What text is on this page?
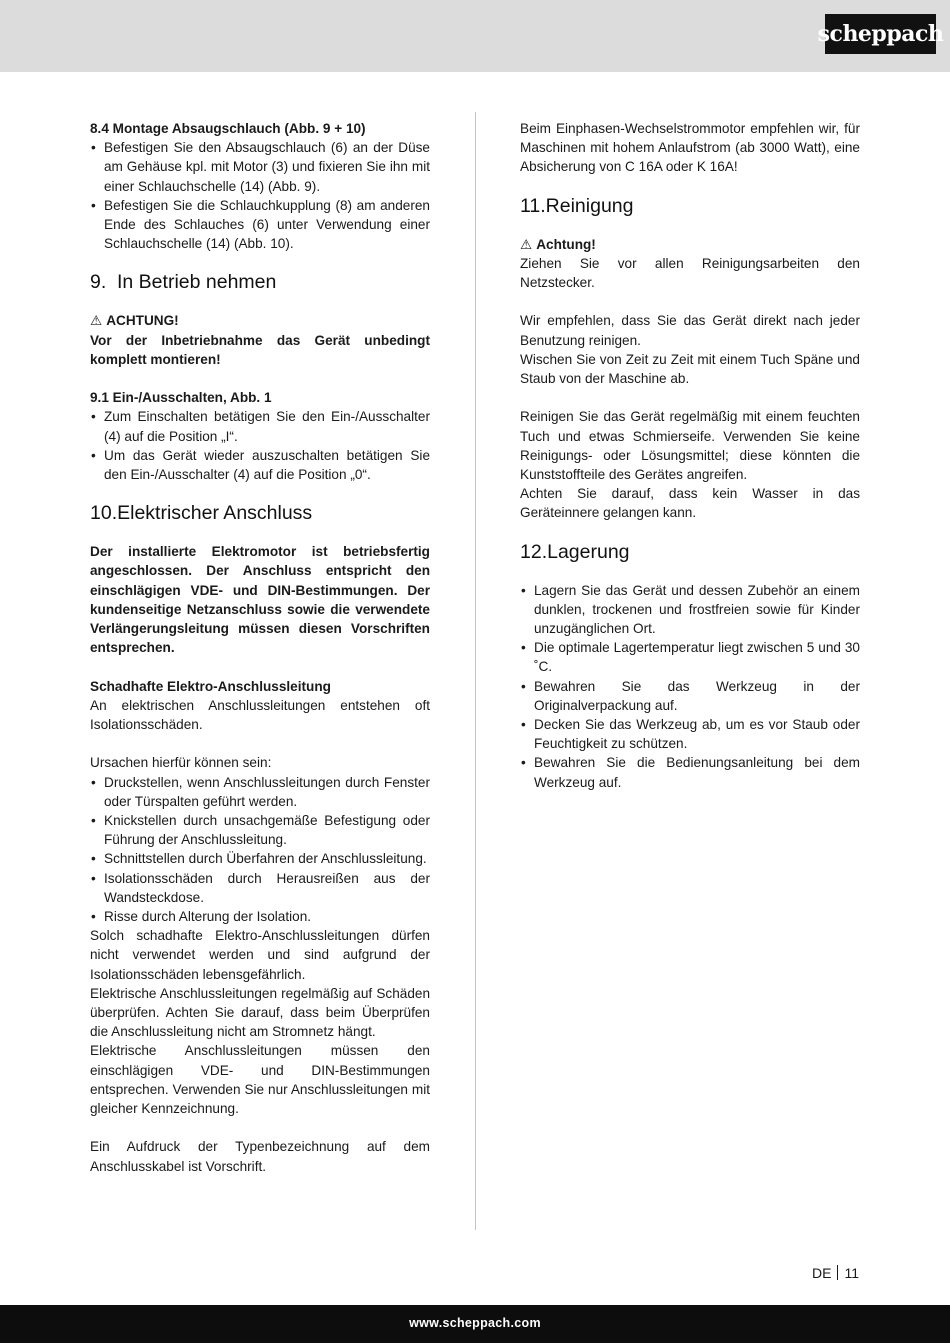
scheppach

8.4 Montage Absaugschlauch (Abb. 9 + 10)

• Befestigen Sie den Absaugschlauch (6) an der Düse am Gehäuse kpl. mit Motor (3) und fixieren Sie ihn mit einer Schlauchschelle (14) (Abb. 9).
• Befestigen Sie die Schlauchkupplung (8) am anderen Ende des Schlauches (6) unter Verwendung einer Schlauchschelle (14) (Abb. 10).
9. In Betrieb nehmen

⚠ ACHTUNG!

Vor der Inbetriebnahme das Gerät unbedingt komplett montieren!

9.1 Ein-/Ausschalten, Abb. 1

• Zum Einschalten betätigen Sie den Ein-/Ausschalter (4) auf die Position „I“.
• Um das Gerät wieder auszuschalten betätigen Sie den Ein-/Ausschalter (4) auf die Position „0“.
10.Elektrischer Anschluss

Der installierte Elektromotor ist betriebsfertig angeschlossen. Der Anschluss entspricht den einschlägigen VDE- und DIN-Bestimmungen. Der kundenseitige Netzanschluss sowie die verwendete Verlängerungsleitung müssen diesen Vorschriften entsprechen.

Schadhafte Elektro-Anschlussleitung

An elektrischen Anschlussleitungen entstehen oft Isolationsschäden.

Ursachen hierfür können sein:

• Druckstellen, wenn Anschlussleitungen durch Fenster oder Türspalten geführt werden.
• Knickstellen durch unsachgemäße Befestigung oder Führung der Anschlussleitung.
• Schnittstellen durch Überfahren der Anschlussleitung.
• Isolationsschäden durch Herausreißen aus der Wandsteckdose.
• Risse durch Alterung der Isolation.

Solch schadhafte Elektro-Anschlussleitungen dürfen nicht verwendet werden und sind aufgrund der Isolationsschäden lebensgefährlich.

Elektrische Anschlussleitungen regelmäßig auf Schäden überprüfen. Achten Sie darauf, dass beim Überprüfen die Anschlussleitung nicht am Stromnetz hängt.

Elektrische Anschlussleitungen müssen den einschlägigen VDE- und DIN-Bestimmungen entsprechen. Verwenden Sie nur Anschlussleitungen mit gleicher Kennzeichnung.

Ein Aufdruck der Typenbezeichnung auf dem Anschlusskabel ist Vorschrift.

Beim Einphasen-Wechselstrommotor empfehlen wir, für Maschinen mit hohem Anlaufstrom (ab 3000 Watt), eine Absicherung von C 16A oder K 16A!

11.Reinigung

⚠ Achtung!

Ziehen Sie vor allen Reinigungsarbeiten den Netzstecker.

Wir empfehlen, dass Sie das Gerät direkt nach jeder Benutzung reinigen.

Wischen Sie von Zeit zu Zeit mit einem Tuch Späne und Staub von der Maschine ab.

Reinigen Sie das Gerät regelmäßig mit einem feuchten Tuch und etwas Schmierseife. Verwenden Sie keine Reinigungs- oder Lösungsmittel; diese könnten die Kunststoffteile des Gerätes angreifen.

Achten Sie darauf, dass kein Wasser in das Geräteinnere gelangen kann.

12.Lagerung
• Lagern Sie das Gerät und dessen Zubehör an einem dunklen, trockenen und frostfreien sowie für Kinder unzugänglichen Ort.
• Die optimale Lagertemperatur liegt zwischen 5 und 30 ˚C.
• Bewahren Sie das Werkzeug in der Originalverpackung auf.
• Decken Sie das Werkzeug ab, um es vor Staub oder Feuchtigkeit zu schützen.
• Bewahren Sie die Bedienungsanleitung bei dem Werkzeug auf.
DE 11
www.scheppach.com
